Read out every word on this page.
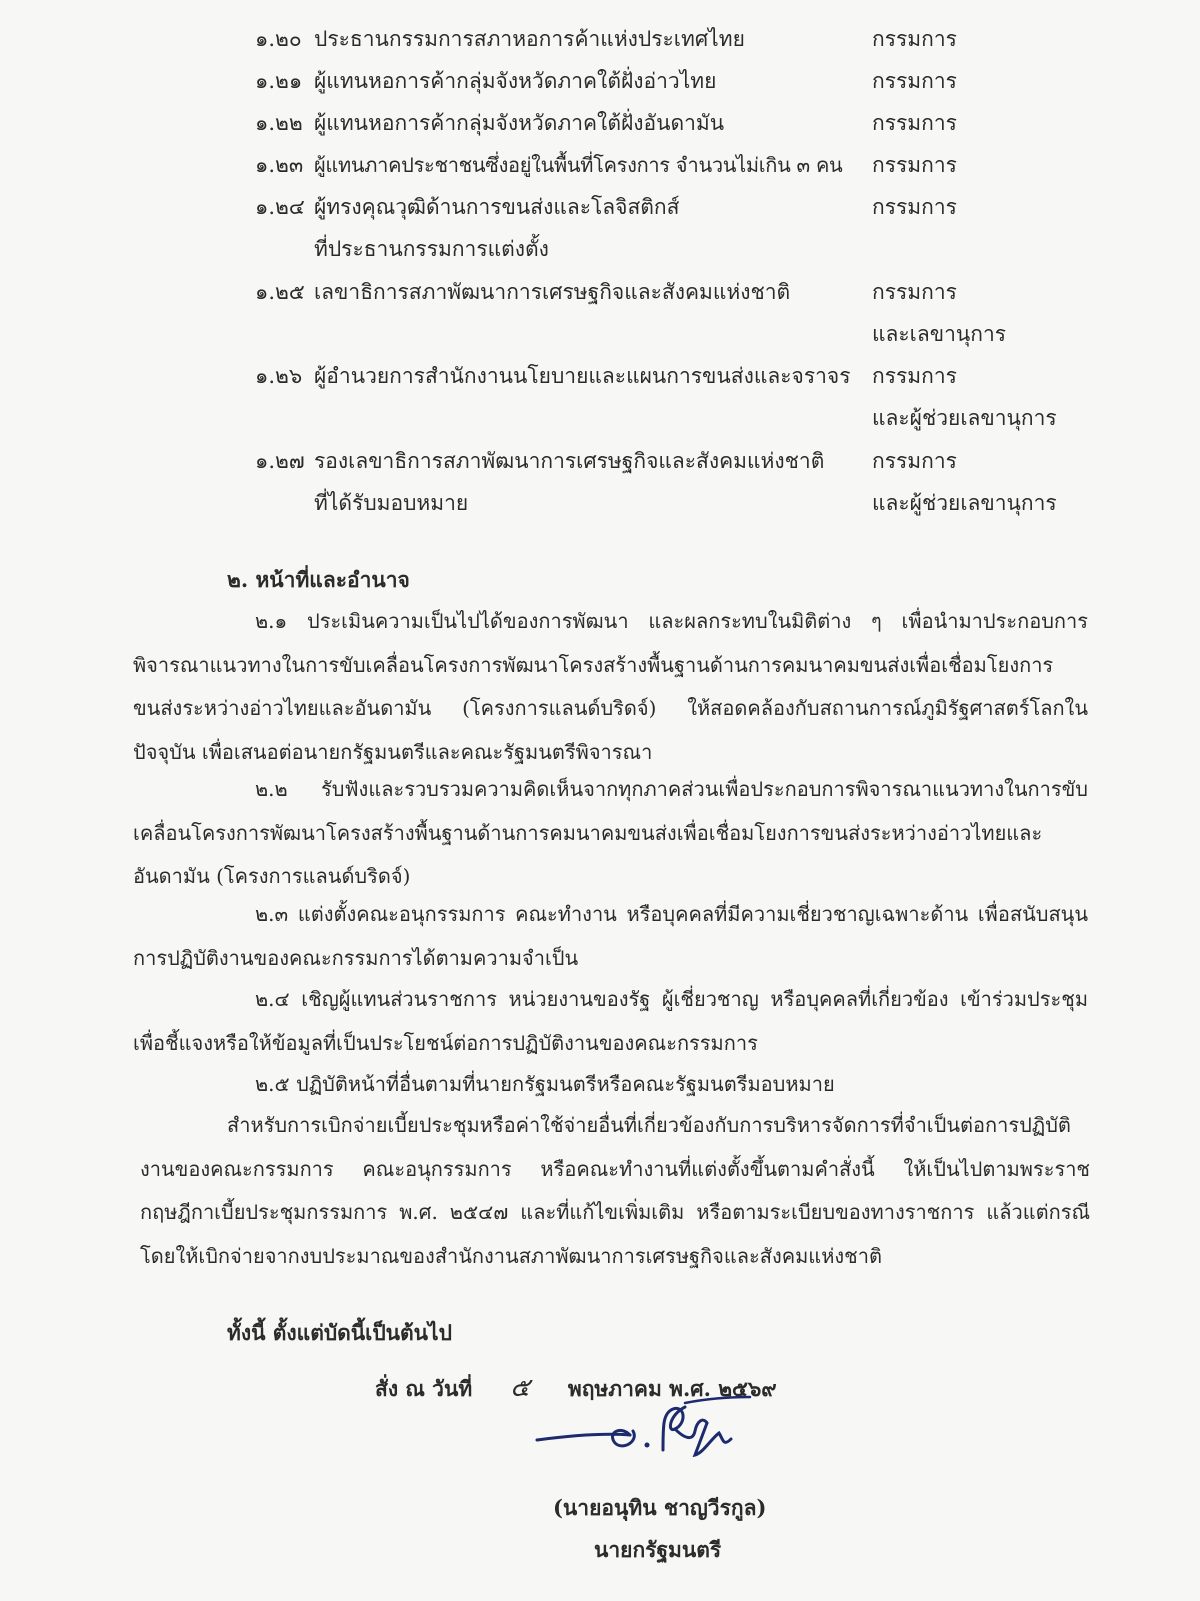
๑.๒๐ ประธานกรรมการสภาหอการค้าแห่งประเทศไทย	กรรมการ
๑.๒๑ ผู้แทนหอการค้ากลุ่มจังหวัดภาคใต้ฝั่งอ่าวไทย	กรรมการ
๑.๒๒ ผู้แทนหอการค้ากลุ่มจังหวัดภาคใต้ฝั่งอันดามัน	กรรมการ
๑.๒๓ ผู้แทนภาคประชาชนซึ่งอยู่ในพื้นที่โครงการ จำนวนไม่เกิน ๓ คน กรรมการ
๑.๒๔ ผู้ทรงคุณวุฒิด้านการขนส่งและโลจิสติกส์	กรรมการ
ที่ประธานกรรมการแต่งตั้ง
๑.๒๕ เลขาธิการสภาพัฒนาการเศรษฐกิจและสังคมแห่งชาติ	กรรมการ
และเลขานุการ
๑.๒๖ ผู้อำนวยการสำนักงานนโยบายและแผนการขนส่งและจราจร กรรมการ
และผู้ช่วยเลขานุการ
๑.๒๗ รองเลขาธิการสภาพัฒนาการเศรษฐกิจและสังคมแห่งชาติ กรรมการ
ที่ได้รับมอบหมาย	และผู้ช่วยเลขานุการ
๒. หน้าที่และอำนาจ

๒.๑ ประเมินความเป็นไปได้ของการพัฒนา และผลกระทบในมิติต่าง ๆ เพื่อนำมาประกอบการพิจารณาแนวทางในการขับเคลื่อนโครงการพัฒนาโครงสร้างพื้นฐานด้านการคมนาคมขนส่งเพื่อเชื่อมโยงการขนส่งระหว่างอ่าวไทยและอันดามัน (โครงการแลนด์บริดจ์) ให้สอดคล้องกับสถานการณ์ภูมิรัฐศาสตร์โลกในปัจจุบัน เพื่อเสนอต่อนายกรัฐมนตรีและคณะรัฐมนตรีพิจารณา

๒.๒ รับฟังและรวบรวมความคิดเห็นจากทุกภาคส่วนเพื่อประกอบการพิจารณาแนวทางในการขับเคลื่อนโครงการพัฒนาโครงสร้างพื้นฐานด้านการคมนาคมขนส่งเพื่อเชื่อมโยงการขนส่งระหว่างอ่าวไทยและอันดามัน (โครงการแลนด์บริดจ์)

๒.๓ แต่งตั้งคณะอนุกรรมการ คณะทำงาน หรือบุคคลที่มีความเชี่ยวชาญเฉพาะด้าน เพื่อสนับสนุนการปฏิบัติงานของคณะกรรมการได้ตามความจำเป็น

๒.๔ เชิญผู้แทนส่วนราชการ หน่วยงานของรัฐ ผู้เชี่ยวชาญ หรือบุคคลที่เกี่ยวข้อง เข้าร่วมประชุมเพื่อชี้แจงหรือให้ข้อมูลที่เป็นประโยชน์ต่อการปฏิบัติงานของคณะกรรมการ

๒.๕ ปฏิบัติหน้าที่อื่นตามที่นายกรัฐมนตรีหรือคณะรัฐมนตรีมอบหมาย

สำหรับการเบิกจ่ายเบี้ยประชุมหรือค่าใช้จ่ายอื่นที่เกี่ยวข้องกับการบริหารจัดการที่จำเป็นต่อการปฏิบัติงานของคณะกรรมการ คณะอนุกรรมการ หรือคณะทำงานที่แต่งตั้งขึ้นตามคำสั่งนี้ ให้เป็นไปตามพระราชกฤษฎีกาเบี้ยประชุมกรรมการ พ.ศ. ๒๕๔๗ และที่แก้ไขเพิ่มเติม หรือตามระเบียบของทางราชการ แล้วแต่กรณี โดยให้เบิกจ่ายจากงบประมาณของสำนักงานสภาพัฒนาการเศรษฐกิจและสังคมแห่งชาติ

ทั้งนี้ ตั้งแต่บัดนี้เป็นต้นไป
สั่ง ณ วันที่ ๕ พฤษภาคม พ.ศ. ๒๕๖๙
(นายอนุทิน ชาญวีรกูล)
นายกรัฐมนตรี
